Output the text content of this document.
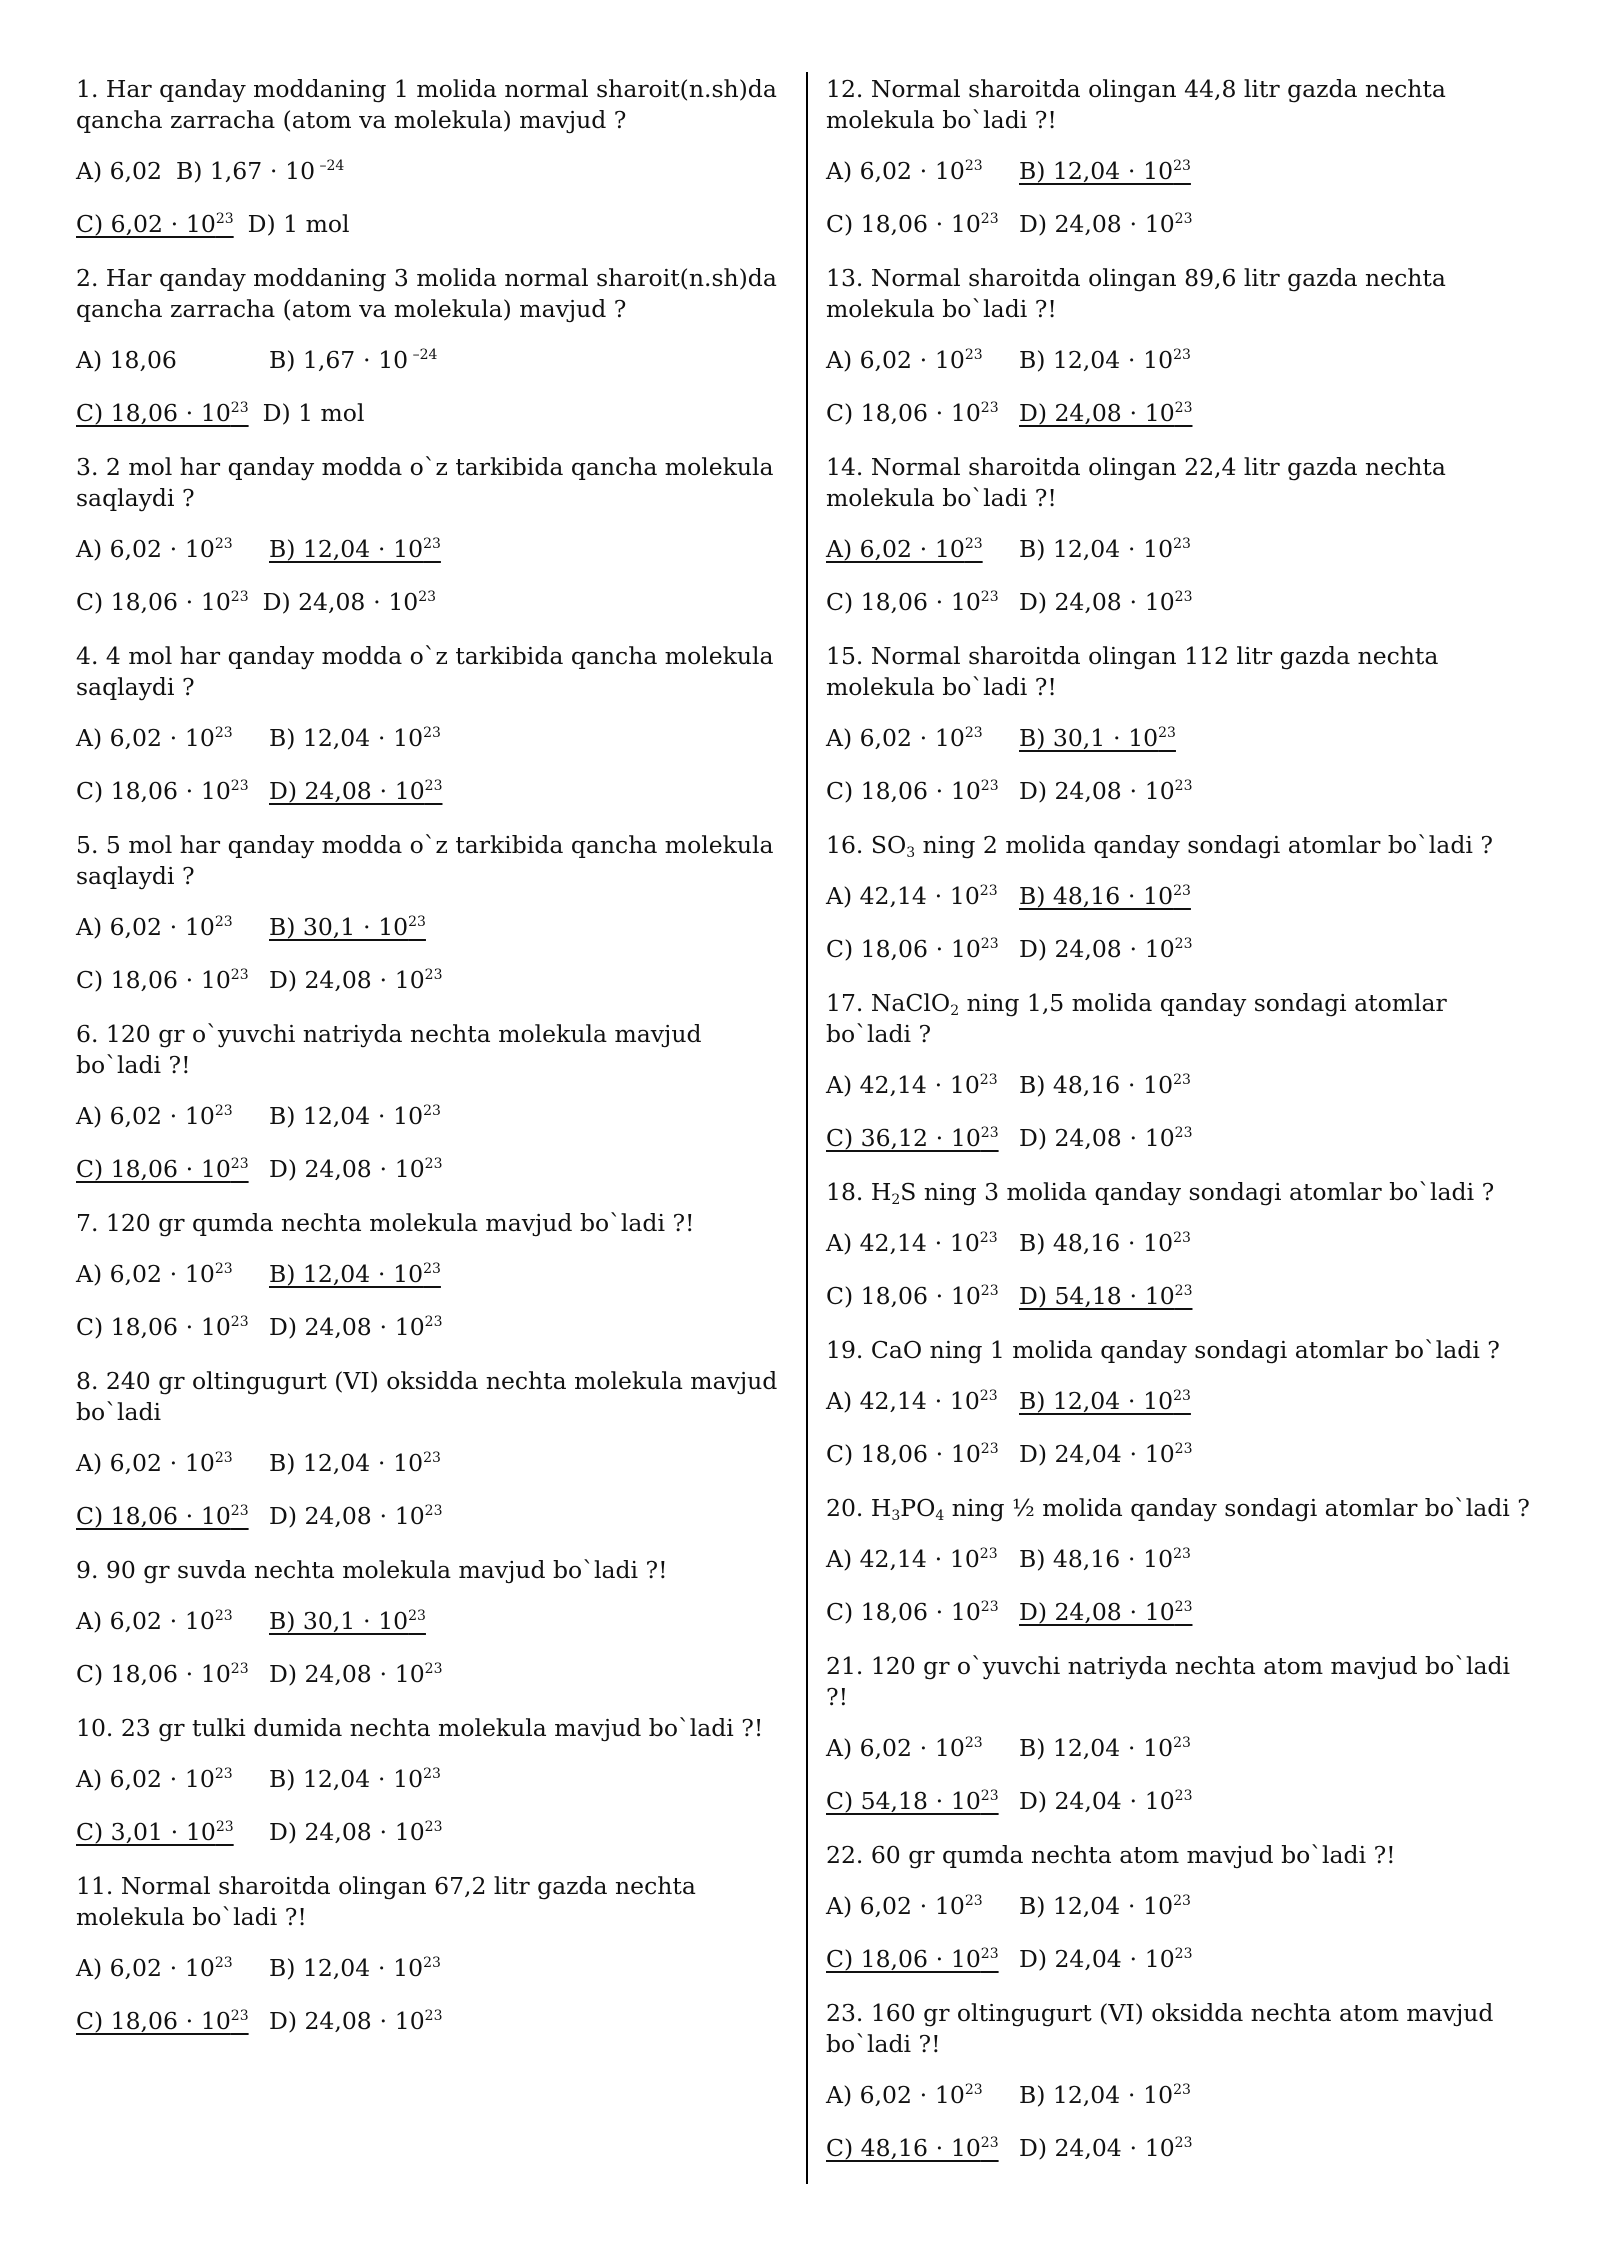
1. Har qanday moddaning 1 molida normal sharoit(n.sh)da qancha zarracha (atom va molekula) mavjud ?
A) 6,02 B) 1,67 ⋅ 10 $^{-24}$
C) $6,02 \cdot 10^{23}$ D) 1 mol
2. Har qanday moddaning 3 molida normal sharoit(n.sh)da qancha zarracha (atom va molekula) mavjud ?
A) 18,06	B) 1,67 ⋅ 10 $^{-24}$
C) $18,06 \cdot 10^{23}$ D) 1 mol
3. 2 mol har qanday modda o`z tarkibida qancha molekula saqlaydi ?
A) $6,02 \cdot 10^{23}$	B) $12,04 \cdot 10^{23}$
C) $18,06 \cdot 10^{23}$ D) $24,08 \cdot 10^{23}$
4. 4 mol har qanday modda o`z tarkibida qancha molekula saqlaydi ?
A) $6,02 \cdot 10^{23}$	B) $12,04 \cdot 10^{23}$
C) $18,06 \cdot 10^{23}$ D) $24,08 \cdot 10^{23}$
5. 5 mol har qanday modda o`z tarkibida qancha molekula saqlaydi ?
A) $6,02 \cdot 10^{23}$	B) $30,1 \cdot 10^{23}$
C) $18,06 \cdot 10^{23}$ D) $24,08 \cdot 10^{23}$
6. 120 gr o`yuvchi natriyda nechta molekula mavjud bo`ladi ?!
A) $6,02 \cdot 10^{23}$	B) $12,04 \cdot 10^{23}$
C) $18,06 \cdot 10^{23}$ D) $24,08 \cdot 10^{23}$
7. 120 gr qumda nechta molekula mavjud bo`ladi ?!
A) $6,02 \cdot 10^{23}$	B) $12,04 \cdot 10^{23}$
C) $18,06 \cdot 10^{23}$ D) $24,08 \cdot 10^{23}$
8. 240 gr oltingugurt (VI) oksidda nechta molekula mavjud bo`ladi
A) $6,02 \cdot 10^{23}$	B) $12,04 \cdot 10^{23}$
C) $18,06 \cdot 10^{23}$ D) $24,08 \cdot 10^{23}$
9. 90 gr suvda nechta molekula mavjud bo`ladi ?!
A) $6,02 \cdot 10^{23}$	B) $30,1 \cdot 10^{23}$
C) $18,06 \cdot 10^{23}$ D) $24,08 \cdot 10^{23}$
10. 23 gr tulki dumida nechta molekula mavjud bo`ladi ?!
A) $6,02 \cdot 10^{23}$	B) $12,04 \cdot 10^{23}$
C) $3,01 \cdot 10^{23}$	D) $24,08 \cdot 10^{23}$
11. Normal sharoitda olingan 67,2 litr gazda nechta molekula bo`ladi ?!
A) $6,02 \cdot 10^{23}$	B) $12,04 \cdot 10^{23}$
C) $18,06 \cdot 10^{23}$ D) $24,08 \cdot 10^{23}$
12. Normal sharoitda olingan 44,8 litr gazda nechta molekula bo`ladi ?!
A) $6,02 \cdot 10^{23}$	B) $12,04 \cdot 10^{23}$
C) $18,06 \cdot 10^{23}$ D) $24,08 \cdot 10^{23}$
13. Normal sharoitda olingan 89,6 litr gazda nechta molekula bo`ladi ?!
A) $6,02 \cdot 10^{23}$	B) $12,04 \cdot 10^{23}$
C) $18,06 \cdot 10^{23}$ D) $24,08 \cdot 10^{23}$
14. Normal sharoitda olingan 22,4 litr gazda nechta molekula bo`ladi ?!
A) $6,02 \cdot 10^{23}$	B) $12,04 \cdot 10^{23}$
C) $18,06 \cdot 10^{23}$ D) $24,08 \cdot 10^{23}$
15. Normal sharoitda olingan 112 litr gazda nechta molekula bo`ladi ?!
A) $6,02 \cdot 10^{23}$	B) $30,1 \cdot 10^{23}$
C) $18,06 \cdot 10^{23}$ D) $24,08 \cdot 10^{23}$
16. $SO_3$ ning 2 molida qanday sondagi atomlar bo`ladi ?
A) $42,14 \cdot 10^{23}$ B) $48,16 \cdot 10^{23}$
C) $18,06 \cdot 10^{23}$ D) $24,08 \cdot 10^{23}$
17. NaClO$_2$ ning 1,5 molida qanday sondagi atomlar bo`ladi ?
A) $42,14 \cdot 10^{23}$ B) $48,16 \cdot 10^{23}$
C) $36,12 \cdot 10^{23}$ D) $24,08 \cdot 10^{23}$
18. $H_2S$ ning 3 molida qanday sondagi atomlar bo`ladi ?
A) $42,14 \cdot 10^{23}$ B) $48,16 \cdot 10^{23}$
C) $18,06 \cdot 10^{23}$ D) $54,18 \cdot 10^{23}$
19. CaO ning 1 molida qanday sondagi atomlar bo`ladi ?
A) $42,14 \cdot 10^{23}$ B) $12,04 \cdot 10^{23}$
C) $18,06 \cdot 10^{23}$ D) $24,04 \cdot 10^{23}$
20. $H_3PO_4$ ning ½ molida qanday sondagi atomlar bo`ladi ?
A) $42,14 \cdot 10^{23}$ B) $48,16 \cdot 10^{23}$
C) $18,06 \cdot 10^{23}$ D) $24,08 \cdot 10^{23}$
21. 120 gr o`yuvchi natriyda nechta atom mavjud bo`ladi ?!
A) $6,02 \cdot 10^{23}$	B) $12,04 \cdot 10^{23}$
C) $54,18 \cdot 10^{23}$ D) $24,04 \cdot 10^{23}$
22. 60 gr qumda nechta atom mavjud bo`ladi ?!
A) $6,02 \cdot 10^{23}$	B) $12,04 \cdot 10^{23}$
C) $18,06 \cdot 10^{23}$ D) $24,04 \cdot 10^{23}$
23. 160 gr oltingugurt (VI) oksidda nechta atom mavjud bo`ladi ?!
A) $6,02 \cdot 10^{23}$	B) $12,04 \cdot 10^{23}$
C) $48,16 \cdot 10^{23}$ D) $24,04 \cdot 10^{23}$
